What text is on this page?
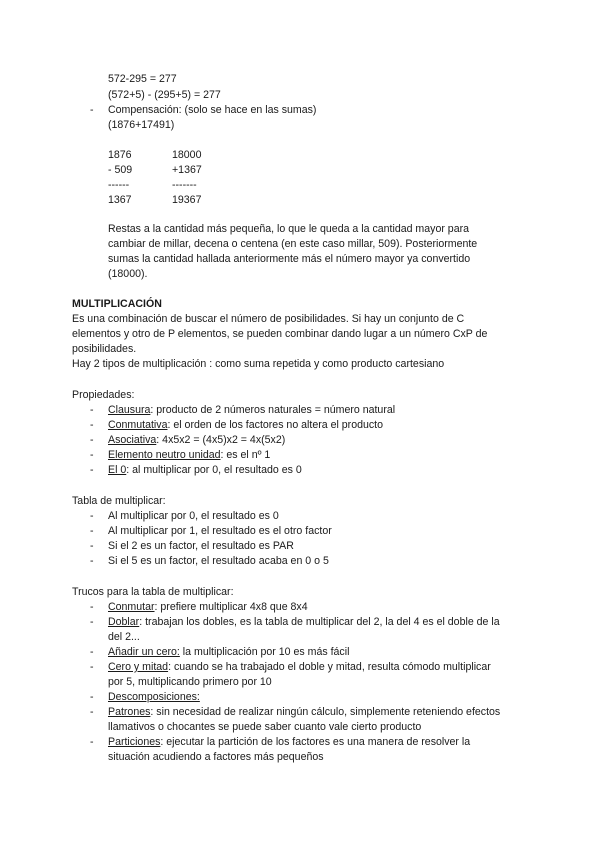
572-295 = 277
(572+5) - (295+5) = 277
- Compensación: (solo se hace en las sumas)
(1876+17491)
1876	18000
- 509	+1367
------	-------
1367	19367
Restas a la cantidad más pequeña, lo que le queda a la cantidad mayor para
cambiar de millar, decena o centena (en este caso millar, 509). Posteriormente
sumas la cantidad hallada anteriormente más el número mayor ya convertido
(18000).
MULTIPLICACIÓN
Es una combinación de buscar el número de posibilidades. Si hay un conjunto de C
elementos y otro de P elementos, se pueden combinar dando lugar a un número CxP de
posibilidades.
Hay 2 tipos de multiplicación : como suma repetida y como producto cartesiano
Propiedades:
- Clausura: producto de 2 números naturales = número natural
- Conmutativa: el orden de los factores no altera el producto
- Asociativa: 4x5x2 = (4x5)x2 = 4x(5x2)
- Elemento neutro unidad: es el nº 1
- El 0: al multiplicar por 0, el resultado es 0
Tabla de multiplicar:
- Al multiplicar por 0, el resultado es 0
- Al multiplicar por 1, el resultado es el otro factor
- Si el 2 es un factor, el resultado es PAR
- Si el 5 es un factor, el resultado acaba en 0 o 5
Trucos para la tabla de multiplicar:
- Conmutar: prefiere multiplicar 4x8 que 8x4
- Doblar: trabajan los dobles, es la tabla de multiplicar del 2, la del 4 es el doble de la
del 2...
- Añadir un cero: la multiplicación por 10 es más fácil
- Cero y mitad: cuando se ha trabajado el doble y mitad, resulta cómodo multiplicar
por 5, multiplicando primero por 10
- Descomposiciones:
- Patrones: sin necesidad de realizar ningún cálculo, simplemente reteniendo efectos
llamativos o chocantes se puede saber cuanto vale cierto producto
- Particiones: ejecutar la partición de los factores es una manera de resolver la
situación acudiendo a factores más pequeños
